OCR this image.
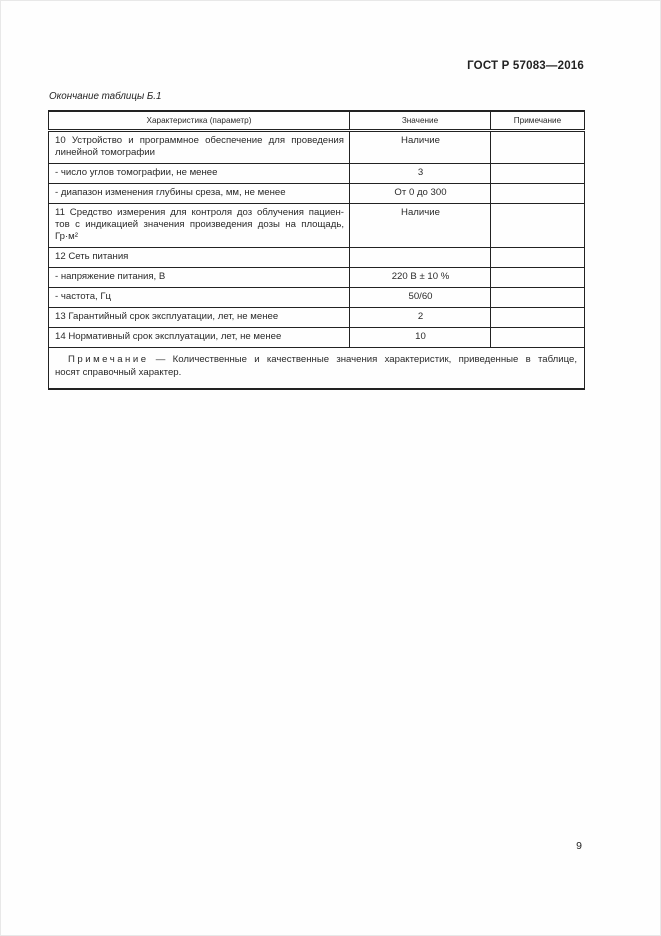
ГОСТ Р 57083—2016
Окончание таблицы Б.1
Характеристика (параметр)	Значение	Примечание

10 Устройство и программное обеспечение для проведения
линейной томографии	Наличие	

- число углов томографии, не менее	3	

- диапазон изменения глубины среза, мм, не менее	От 0 до 300	

11 Средство измерения для контроля доз облучения пациен-
тов с индикацией значения произведения дозы на площадь,
Гр·м²	Наличие	

12 Сеть питания		

- напряжение питания, В	220 В ± 10 %	

- частота, Гц	50/60	

13 Гарантийный срок эксплуатации, лет, не менее	2	

14 Нормативный срок эксплуатации, лет, не менее	10	

Примечание — Количественные и качественные значения характеристик, приведенные в таблице,
носят справочный характер.		
9
